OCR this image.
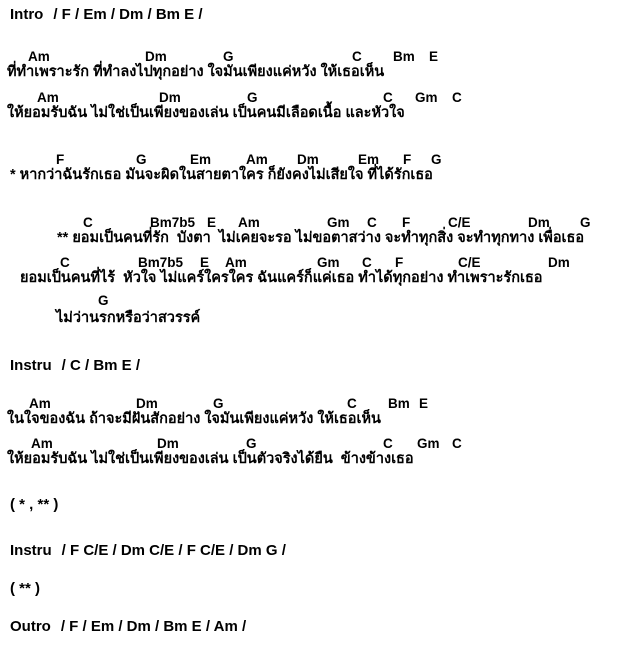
Intro / F / Em / Dm / Bm E /
Am	Dm	G	C Bm E
ที่ทำเพราะรัก ที่ทำลงไปทุกอย่าง ใจมันเพียงแค่หวัง ให้เธอเห็น
Am	Dm	G	C Gm C
ให้ยอมรับฉัน ไม่ใช่เป็นเพียงของเล่น เป็นคนมีเลือดเนื้อ และหัวใจ
F	G	Em	Am Dm	Em F G
* หากว่าฉันรักเธอ มันจะผิดในสายตาใคร ก็ยังคงไม่เสียใจ ที่ได้รักเธอ
C	Bm7b5 E Am	Gm C F	C/E	Dm G
** ยอมเป็นคนที่รัก  บังตา  ไม่เคยจะรอ ไม่ขอตาสว่าง จะทำทุกสิ่ง จะทำทุกทาง เพื่อเธอ
C	Bm7b5 E Am	Gm C F	C/E	Dm
ยอมเป็นคนที่ไร้  หัวใจ ไม่แคร์ใครใคร ฉันแคร์ก็แค่เธอ ทำได้ทุกอย่าง ทำเพราะรักเธอ
G
ไม่ว่านรกหรือว่าสวรรค์
Instru / C / Bm E /
Am	Dm	G	C Bm E
ในใจของฉัน ถ้าจะมีฝันสักอย่าง ใจมันเพียงแค่หวัง ให้เธอเห็น
Am	Dm	G	C Gm C
ให้ยอมรับฉัน ไม่ใช่เป็นเพียงของเล่น เป็นตัวจริงได้ยืน  ข้างข้างเธอ
( * , ** )
Instru / F C/E / Dm C/E / F C/E / Dm G /
( ** )
Outro / F / Em / Dm / Bm E / Am /
